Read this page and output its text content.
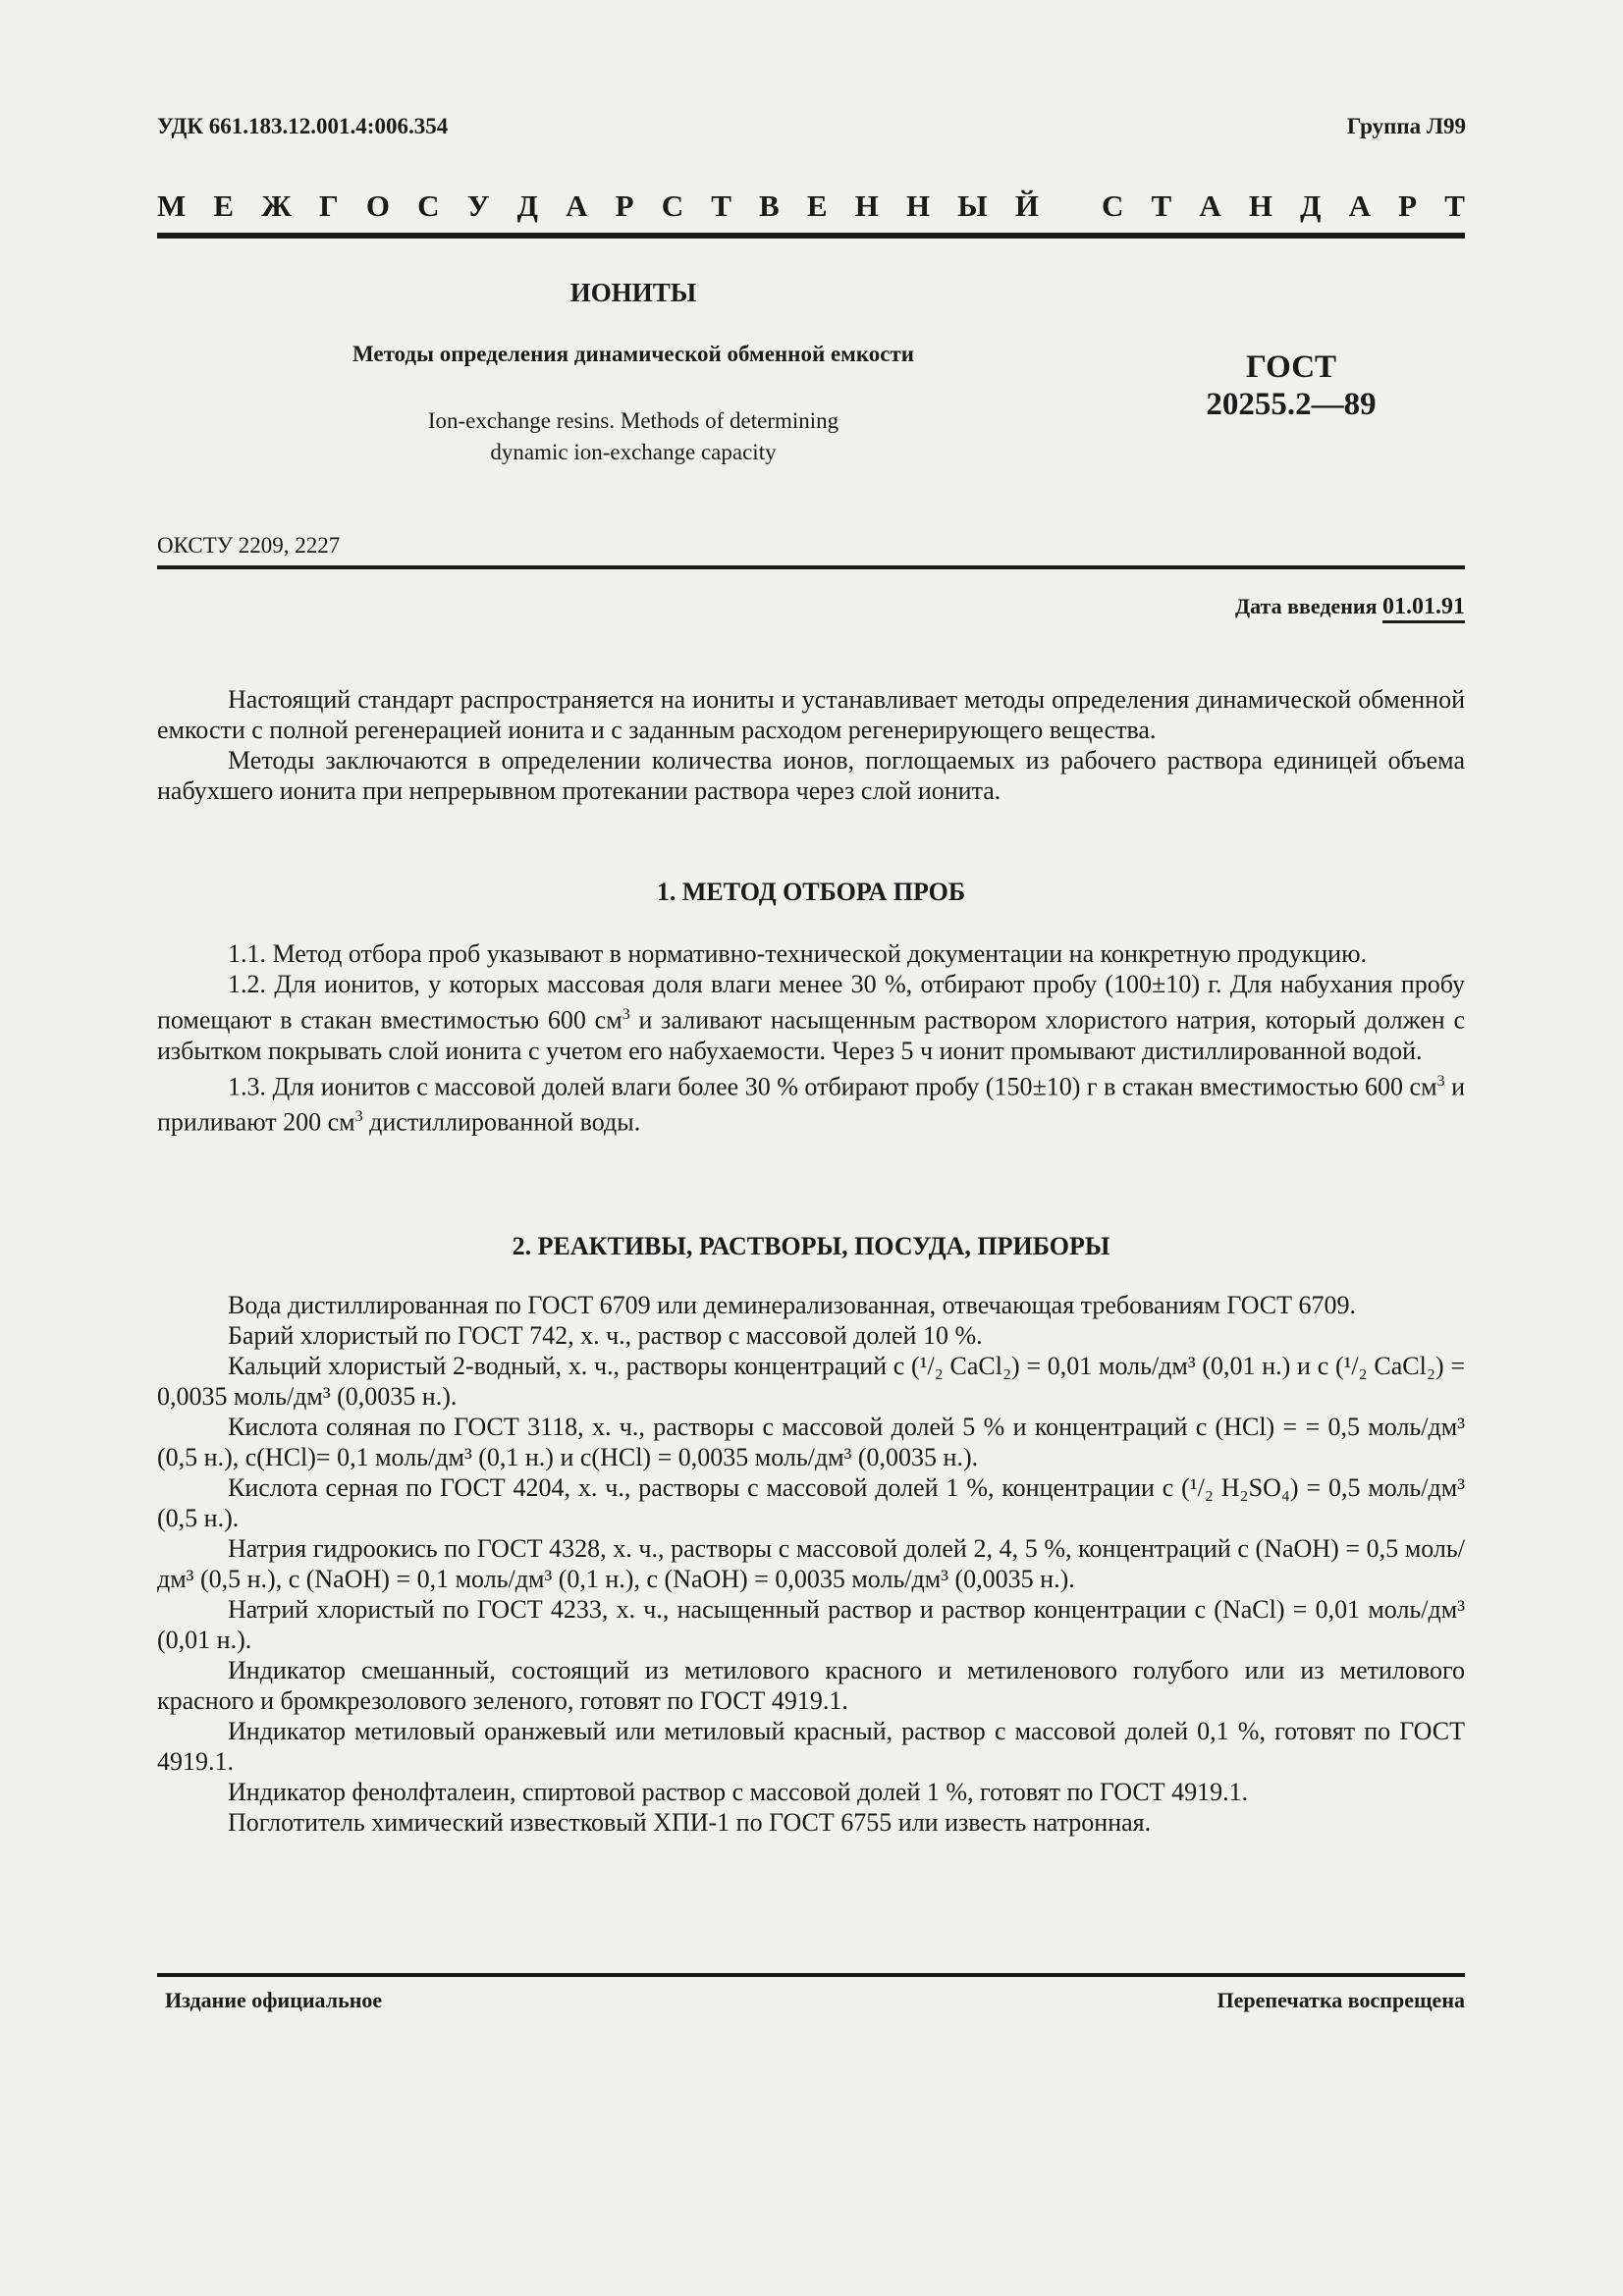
УДК 661.183.12.001.4:006.354	Группа Л99
М Е Ж Г О С У Д А Р С Т В Е Н Н Ы Й
С Т А Н Д А Р Т
ИОНИТЫ
Методы определения динамической обменной емкости
Ion-exchange resins. Methods of determining
dynamic ion-exchange capacity
ГОСТ
20255.2—89
ОКСТУ 2209, 2227
Дата введения 01.01.91

Настоящий стандарт распространяется на иониты и устанавливает методы определения динамической обменной емкости с полной регенерацией ионита и с заданным расходом регенерирующего вещества.

Методы заключаются в определении количества ионов, поглощаемых из рабочего раствора единицей объема набухшего ионита при непрерывном протекании раствора через слой ионита.

1. МЕТОД ОТБОРА ПРОБ

1.1. Метод отбора проб указывают в нормативно-технической документации на конкретную продукцию.

1.2. Для ионитов, у которых массовая доля влаги менее 30 %, отбирают пробу (100±10) г. Для набухания пробу помещают в стакан вместимостью 600 $см^3$ и заливают насыщенным раствором хлористого натрия, который должен с избытком покрывать слой ионита с учетом его набухаемости. Через 5 ч ионит промывают дистиллированной водой.

1.3. Для ионитов с массовой долей влаги более 30 % отбирают пробу (150±10) г в стакан вместимостью 600 $см^3$ и приливают 200 $см^3$ дистиллированной воды.

2. РЕАКТИВЫ, РАСТВОРЫ, ПОСУДА, ПРИБОРЫ

Вода дистиллированная по ГОСТ 6709 или деминерализованная, отвечающая требованиям ГОСТ 6709.

Барий хлористый по ГОСТ 742, х. ч., раствор с массовой долей 10 %.

Кальций хлористый 2-водный, х. ч., растворы концентраций c (¹/₂ CaCl₂) = 0,01 моль/дм³ (0,01 н.) и c (¹/₂ CaCl₂) = 0,0035 моль/дм³ (0,0035 н.).

Кислота соляная по ГОСТ 3118, х. ч., растворы с массовой долей 5 % и концентраций c (HCl) = = 0,5 моль/дм³ (0,5 н.), c(HCl)= 0,1 моль/дм³ (0,1 н.) и c(HCl) = 0,0035 моль/дм³ (0,0035 н.).

Кислота серная по ГОСТ 4204, х. ч., растворы с массовой долей 1 %, концентрации c (¹/₂ H₂SO₄) = 0,5 моль/дм³ (0,5 н.).

Натрия гидроокись по ГОСТ 4328, х. ч., растворы с массовой долей 2, 4, 5 %, концентраций c (NaOH) = 0,5 моль/дм³ (0,5 н.), c (NaOH) = 0,1 моль/дм³ (0,1 н.), c (NaOH) = 0,0035 моль/дм³ (0,0035 н.).

Натрий хлористый по ГОСТ 4233, х. ч., насыщенный раствор и раствор концентрации c (NaCl) = 0,01 моль/дм³ (0,01 н.).

Индикатор смешанный, состоящий из метилового красного и метиленового голубого или из метилового красного и бромкрезолового зеленого, готовят по ГОСТ 4919.1.

Индикатор метиловый оранжевый или метиловый красный, раствор с массовой долей 0,1 %, готовят по ГОСТ 4919.1.

Индикатор фенолфталеин, спиртовой раствор с массовой долей 1 %, готовят по ГОСТ 4919.1.

Поглотитель химический известковый ХПИ-1 по ГОСТ 6755 или известь натронная.

Издание официальное	Перепечатка воспрещена
